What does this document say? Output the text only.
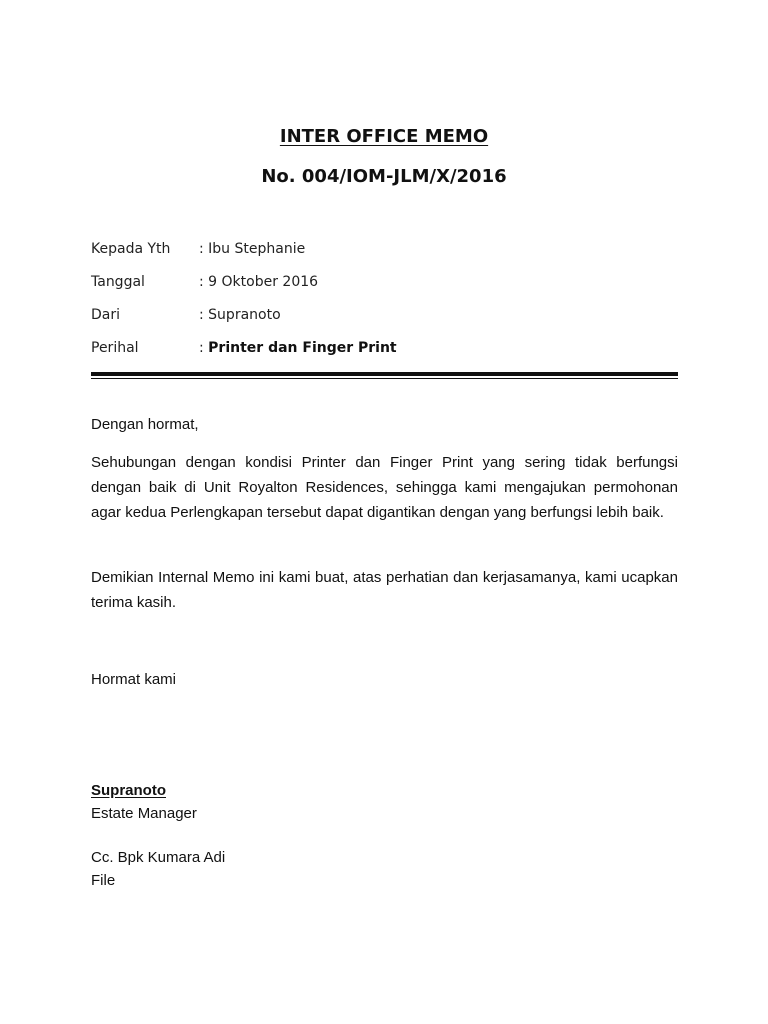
INTER OFFICE MEMO
No. 004/IOM-JLM/X/2016
Kepada Yth : Ibu Stephanie
Tanggal	: 9 Oktober 2016
Dari	: Supranoto
Perihal	: Printer dan Finger Print
Dengan hormat,
Sehubungan dengan kondisi Printer dan Finger Print yang sering tidak berfungsi dengan baik di Unit Royalton Residences, sehingga kami mengajukan permohonan agar kedua Perlengkapan tersebut dapat digantikan dengan yang berfungsi lebih baik.
Demikian Internal Memo ini kami buat, atas perhatian dan kerjasamanya, kami ucapkan terima kasih.
Hormat kami
Supranoto
Estate Manager
Cc. Bpk Kumara Adi
File
